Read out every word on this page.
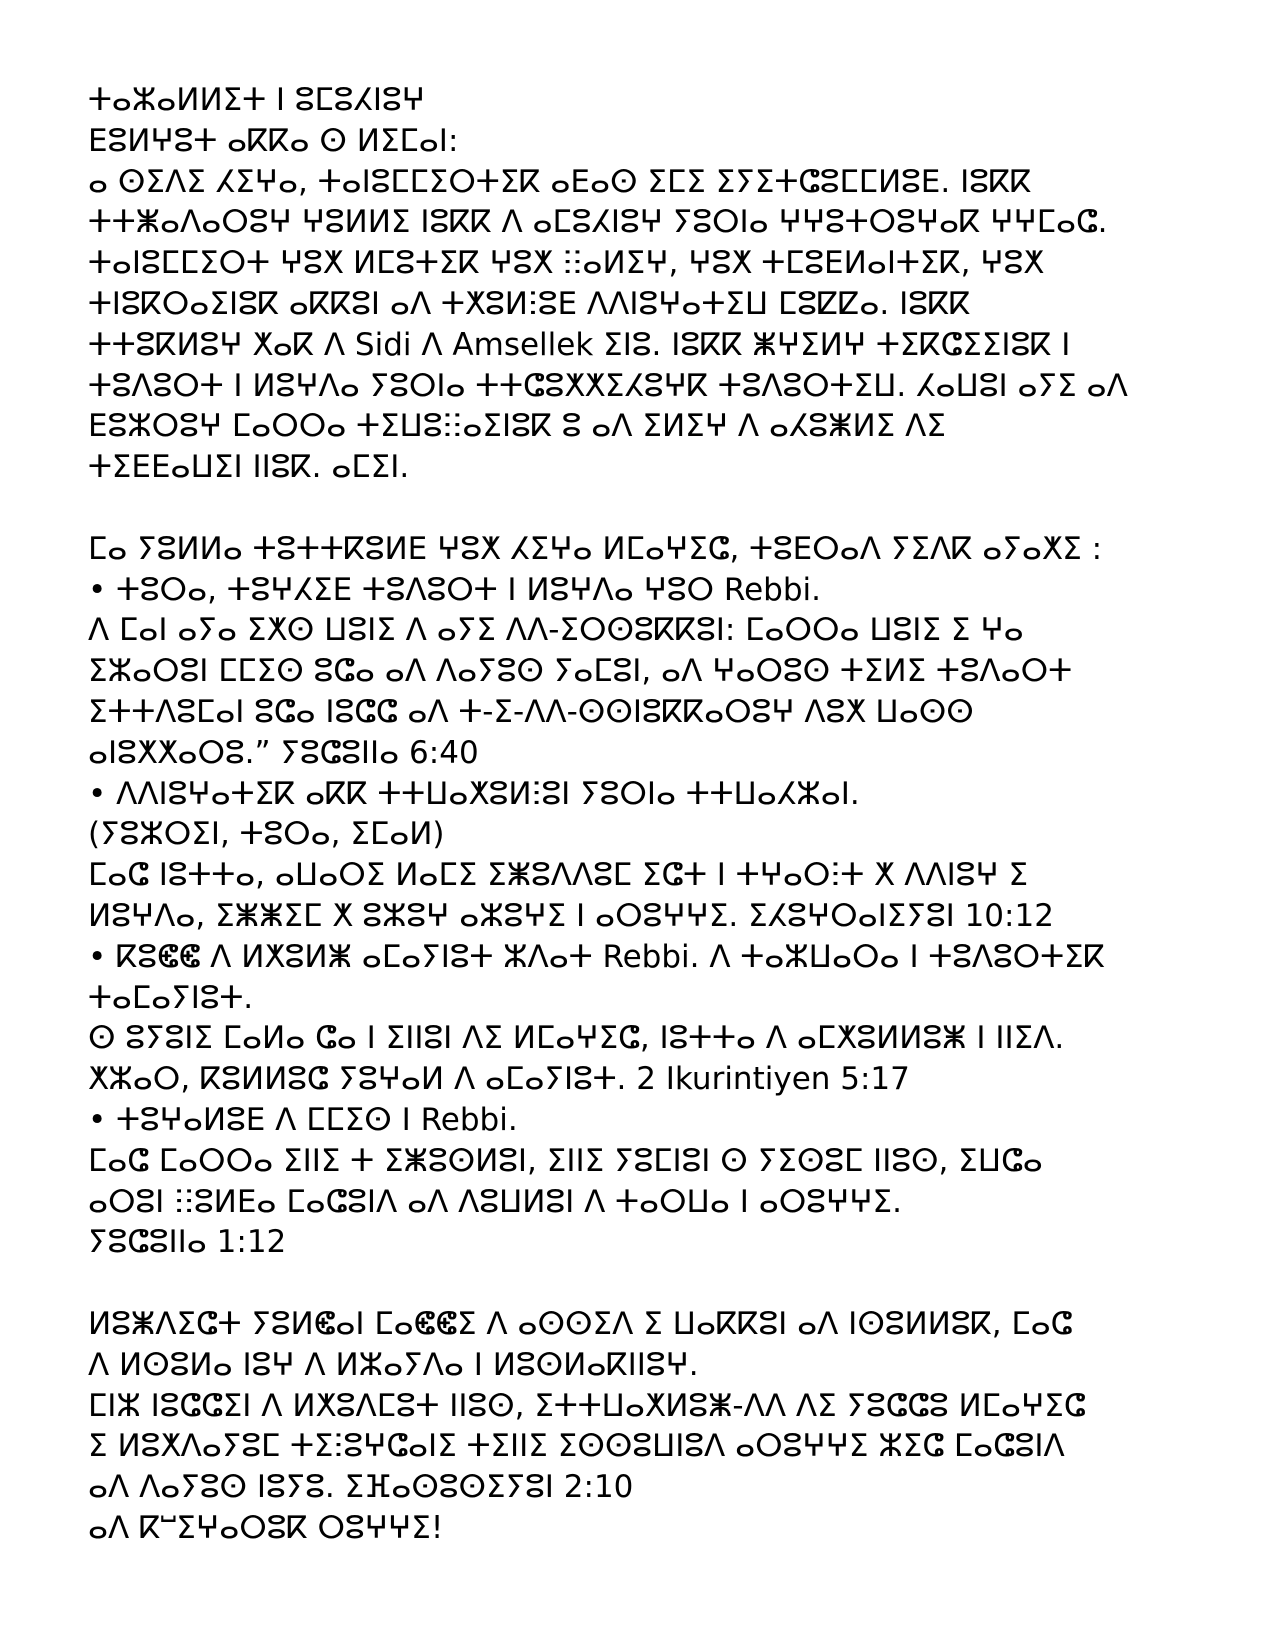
ⵜⴰⵣⴰⵍⵍⵉⵜ ⵏ ⵓⵎⵓⵃⵏⵓⵖ
ⴹⵓⵍⵖⵓⵜ ⴰⴽⴽⴰ ⵙ ⵍⵉⵎⴰⵏ:
ⴰ ⵙⵉⴷⵉ ⵃⵉⵖⴰ, ⵜⴰⵏⵓⵎⵎⵉⵔⵜⵉⴽ ⴰⴹⴰⵙ ⵉⵎⵉ ⵉⵢⵉⵜⵛⵓⵎⵎⵍⵓⴹ. ⵏⵓⴽⴽ
ⵜⵜⵥⴰⴷⴰⵔⵓⵖ ⵖⵓⵍⵍⵉ ⵏⵓⴽⴽ ⴷ ⴰⵎⵓⵃⵏⵓⵖ ⵢⵓⵔⵏⴰ ⵖⵖⵓⵜⵔⵓⵖⴰⴽ ⵖⵖⵎⴰⵛ.
ⵜⴰⵏⵓⵎⵎⵉⵔⵜ ⵖⵓⵅ ⵍⵎⵓⵜⵉⴽ ⵖⵓⵅ ⵗⵗⴰⵍⵉⵖ, ⵖⵓⵅ ⵜⵎⵓⴹⵍⴰⵏⵜⵉⴽ, ⵖⵓⵅ
ⵜⵏⵓⴽⵔⴰⵉⵏⵓⴽ ⴰⴽⴽⵓⵏ ⴰⴷ ⵜⵅⵓⵍⵗⵓⴹ ⴷⴷⵏⵓⵖⴰⵜⵉⵡ ⵎⵓⵇⵇⴰ. ⵏⵓⴽⴽ
ⵜⵜⵓⴽⵍⵓⵖ ⵅⴰⴽ ⴷ Sidi ⴷ Amsellek ⵉⵏⵓ. ⵏⵓⴽⴽ ⵥⵖⵉⵍⵖ ⵜⵉⴽⵛⵉⵉⵏⵓⴽ ⵏ
ⵜⵓⴷⵓⵔⵜ ⵏ ⵍⵓⵖⴷⴰ ⵢⵓⵔⵏⴰ ⵜⵜⵛⵓⵅⵅⵉⵃⵓⵖⴽ ⵜⵓⴷⵓⵔⵜⵉⵡ. ⵃⴰⵡⵓⵏ ⴰⵢⵉ ⴰⴷ
ⴹⵓⵣⵔⵓⵖ ⵎⴰⵔⵔⴰ ⵜⵉⵡⵓⵗⵗⴰⵉⵏⵓⴽ ⵓ ⴰⴷ ⵉⵍⵉⵖ ⴷ ⴰⵃⵓⵥⵍⵉ ⴷⵉ
ⵜⵉⴹⴹⴰⵡⵉⵏ ⵏⵏⵓⴽ. ⴰⵎⵉⵏ.
ⵎⴰ ⵢⵓⵍⵍⴰ ⵜⵓⵜⵜⴽⵓⵍⴹ ⵖⵓⵅ ⵃⵉⵖⴰ ⵍⵎⴰⵖⵉⵛ, ⵜⵓⴹⵔⴰⴷ ⵢⵉⴷⴽ ⴰⵢⴰⵅⵉ :
• ⵜⵓⵔⴰ, ⵜⵓⵖⵃⵉⴹ ⵜⵓⴷⵓⵔⵜ ⵏ ⵍⵓⵖⴷⴰ ⵖⵓⵔ Rebbi.
ⴷ ⵎⴰⵏ ⴰⵢⴰ ⵉⵅⵙ ⵡⵓⵏⵉ ⴷ ⴰⵢⵉ ⴷⴷ-ⵉⵔⵙⵓⴽⴽⵓⵏ: ⵎⴰⵔⵔⴰ ⵡⵓⵏⵉ ⵉ ⵖⴰ
ⵉⵣⴰⵔⵓⵏ ⵎⵎⵉⵙ ⵓⵛⴰ ⴰⴷ ⴷⴰⵢⵓⵙ ⵢⴰⵎⵓⵏ, ⴰⴷ ⵖⴰⵔⵓⵙ ⵜⵉⵍⵉ ⵜⵓⴷⴰⵔⵜ
ⵉⵜⵜⴷⵓⵎⴰⵏ ⵓⵛⴰ ⵏⵓⵛⵛ ⴰⴷ ⵜ-ⵉ-ⴷⴷ-ⵙⵙⵏⵓⴽⴽⴰⵔⵓⵖ ⴷⵓⵅ ⵡⴰⵙⵙ
ⴰⵏⵓⵅⵅⴰⵔⵓ.” ⵢⵓⵛⵓⵏⵏⴰ 6:40
• ⴷⴷⵏⵓⵖⴰⵜⵉⴽ ⴰⴽⴽ ⵜⵜⵡⴰⵅⵓⵍⵗⵓⵏ ⵢⵓⵔⵏⴰ ⵜⵜⵡⴰⵃⵣⴰⵏ.
(ⵢⵓⵣⵔⵉⵏ, ⵜⵓⵔⴰ, ⵉⵎⴰⵍ)
ⵎⴰⵛ ⵏⵓⵜⵜⴰ, ⴰⵡⴰⵔⵉ ⵍⴰⵎⵉ ⵉⵥⵓⴷⴷⵓⵎ ⵉⵛⵜ ⵏ ⵜⵖⴰⵔⵗⵜ ⵅ ⴷⴷⵏⵓⵖ ⵉ
ⵍⵓⵖⴷⴰ, ⵉⵥⵥⵉⵎ ⵅ ⵓⵣⵓⵖ ⴰⵣⵓⵖⵉ ⵏ ⴰⵔⵓⵖⵖⵉ. ⵉⵃⵓⵖⵔⴰⵏⵉⵢⵓⵏ 10:12
• ⴽⵓⵞⵞ ⴷ ⵍⵅⵓⵍⵥ ⴰⵎⴰⵢⵏⵓⵜ ⵣⴷⴰⵜ Rebbi. ⴷ ⵜⴰⵣⵡⴰⵔⴰ ⵏ ⵜⵓⴷⵓⵔⵜⵉⴽ
ⵜⴰⵎⴰⵢⵏⵓⵜ.
ⵙ ⵓⵢⵓⵏⵉ ⵎⴰⵍⴰ ⵛⴰ ⵏ ⵉⵏⵏⵓⵏ ⴷⵉ ⵍⵎⴰⵖⵉⵛ, ⵏⵓⵜⵜⴰ ⴷ ⴰⵎⵅⵓⵍⵍⵓⵥ ⵏ ⵏⵏⵉⴷ.
ⵅⵣⴰⵔ, ⴽⵓⵍⵍⵓⵛ ⵢⵓⵖⴰⵍ ⴷ ⴰⵎⴰⵢⵏⵓⵜ. 2 Ikurintiyen 5:17
• ⵜⵓⵖⴰⵍⵓⴹ ⴷ ⵎⵎⵉⵙ ⵏ Rebbi.
ⵎⴰⵛ ⵎⴰⵔⵔⴰ ⵉⵏⵏⵉ ⵜ ⵉⵥⵓⵙⵍⵓⵏ, ⵉⵏⵏⵉ ⵢⵓⵎⵏⵓⵏ ⵙ ⵢⵉⵙⵓⵎ ⵏⵏⵓⵙ, ⵉⵡⵛⴰ
ⴰⵔⵓⵏ ⵗⵗⵓⵍⴹⴰ ⵎⴰⵛⵓⵏⴷ ⴰⴷ ⴷⵓⵡⵍⵓⵏ ⴷ ⵜⴰⵔⵡⴰ ⵏ ⴰⵔⵓⵖⵖⵉ.
ⵢⵓⵛⵓⵏⵏⴰ 1:12
ⵍⵓⵥⴷⵉⵛⵜ ⵢⵓⵍⵞⴰⵏ ⵎⴰⵞⵞⵉ ⴷ ⴰⵙⵙⵉⴷ ⵉ ⵡⴰⴽⴽⵓⵏ ⴰⴷ ⵏⵙⵓⵍⵍⵓⴽ, ⵎⴰⵛ
ⴷ ⵍⵙⵓⵍⴰ ⵏⵓⵖ ⴷ ⵍⵣⴰⵢⴷⴰ ⵏ ⵍⵓⵙⵍⴰⴽⵏⵏⵓⵖ.
ⵎⵏⵣ ⵏⵓⵛⵛⵉⵏ ⴷ ⵍⵅⵓⴷⵎⵓⵜ ⵏⵏⵓⵙ, ⵉⵜⵜⵡⴰⵅⵍⵓⵥ-ⴷⴷ ⴷⵉ ⵢⵓⵛⵛⵓ ⵍⵎⴰⵖⵉⵛ
ⵉ ⵍⵓⵅⴷⴰⵢⵓⵎ ⵜⵉⵗⵓⵖⵛⴰⵏⵉ ⵜⵉⵏⵏⵉ ⵉⵙⵙⵓⵡⵏⵓⴷ ⴰⵔⵓⵖⵖⵉ ⵣⵉⵛ ⵎⴰⵛⵓⵏⴷ
ⴰⴷ ⴷⴰⵢⵓⵙ ⵏⵓⵢⵓ. ⵉⴼⴰⵙⵓⵙⵉⵢⵓⵏ 2:10
ⴰⴷ ⴽⵯⵉⵖⴰⵔⵓⴽ ⵔⵓⵖⵖⵉ!
